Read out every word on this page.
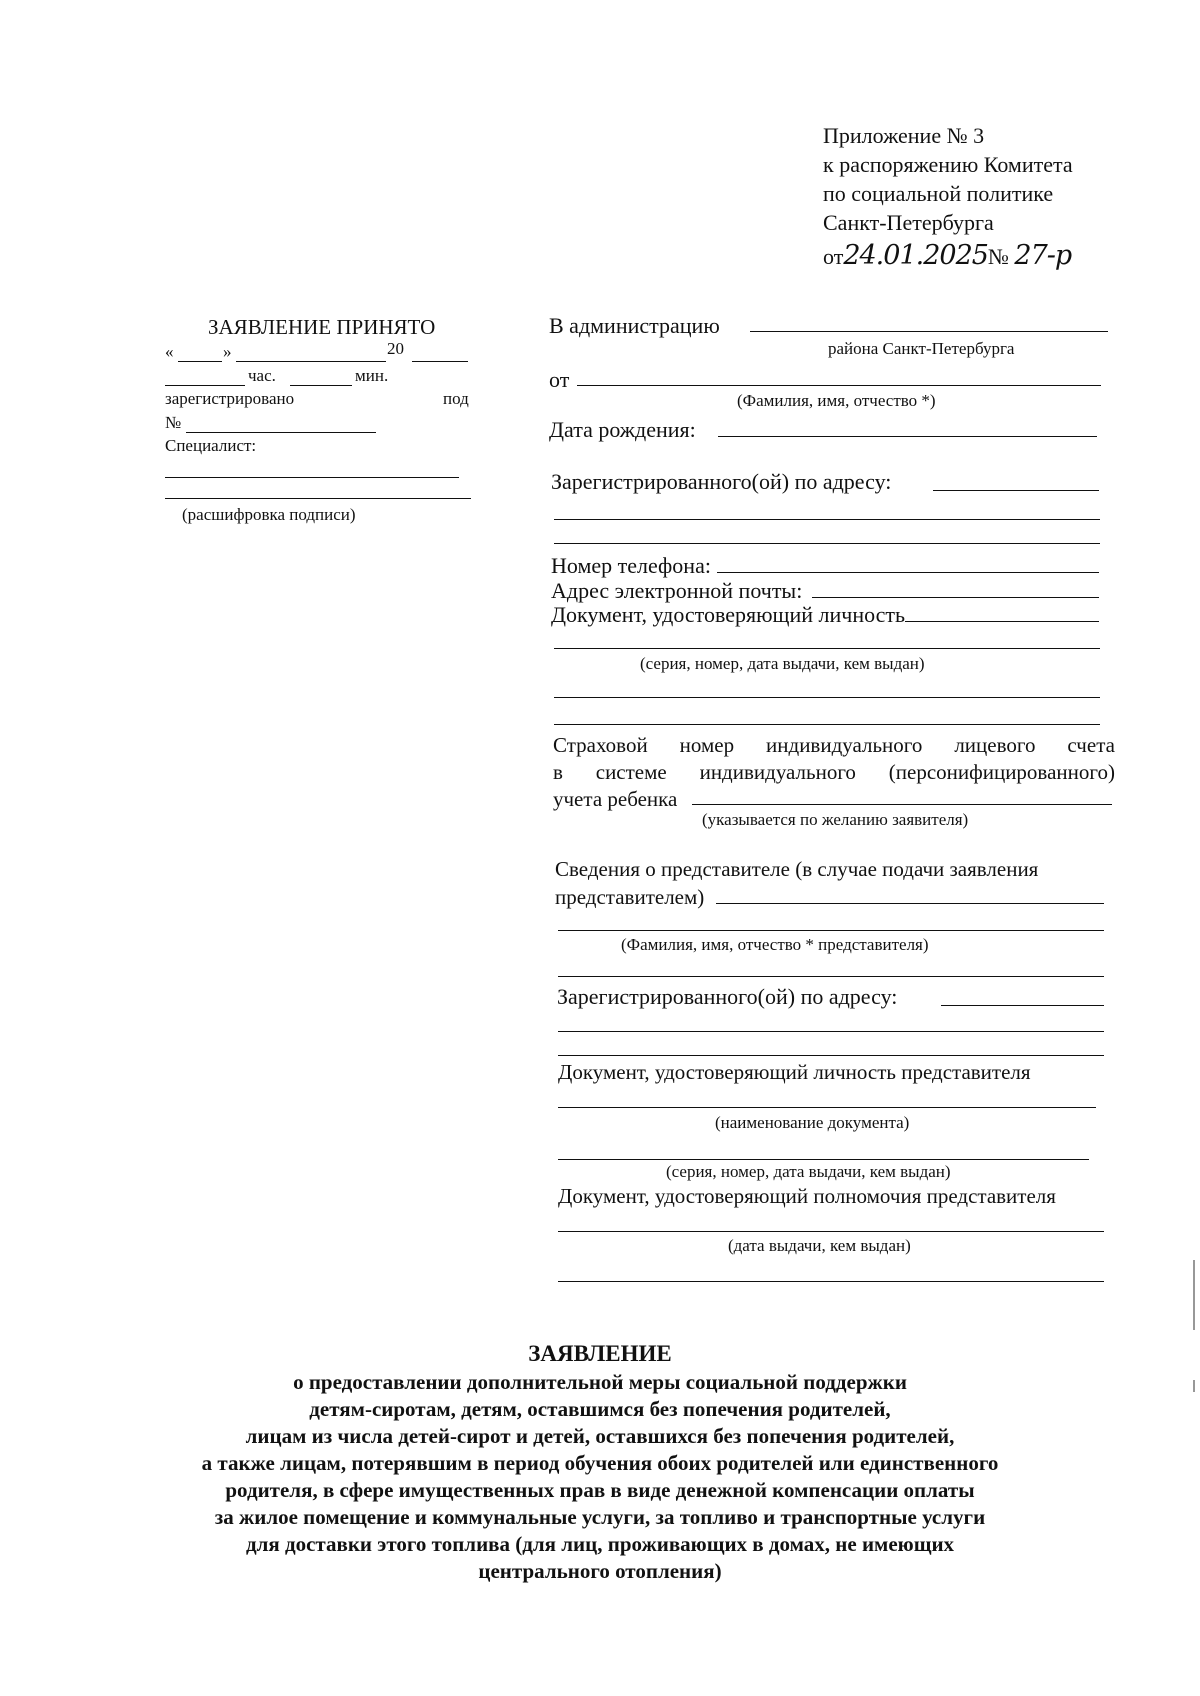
Приложение № 3
к распоряжению Комитета
по социальной политике
Санкт-Петербурга
от24.01.2025№ 27-р
ЗАЯВЛЕНИЕ ПРИНЯТО
«	»	20
час.	мин.
зарегистрировано	под
№
Специалист:
(расшифровка подписи)
В администрацию
района Санкт-Петербурга
от
(Фамилия, имя, отчество *)
Дата рождения:
Зарегистрированного(ой) по адресу:
Номер телефона:
Адрес электронной почты:
Документ, удостоверяющий личность
(серия, номер, дата выдачи, кем выдан)
Страховой номер индивидуального лицевого счета
в системе индивидуального (персонифицированного)
учета ребенка
(указывается по желанию заявителя)
Сведения о представителе (в случае подачи заявления
представителем)
(Фамилия, имя, отчество * представителя)
Зарегистрированного(ой) по адресу:
Документ, удостоверяющий личность представителя
(наименование документа)
(серия, номер, дата выдачи, кем выдан)
Документ, удостоверяющий полномочия представителя
(дата выдачи, кем выдан)
ЗАЯВЛЕНИЕ
о предоставлении дополнительной меры социальной поддержки
детям-сиротам, детям, оставшимся без попечения родителей,
лицам из числа детей-сирот и детей, оставшихся без попечения родителей,
а также лицам, потерявшим в период обучения обоих родителей или единственного
родителя, в сфере имущественных прав в виде денежной компенсации оплаты
за жилое помещение и коммунальные услуги, за топливо и транспортные услуги
для доставки этого топлива (для лиц, проживающих в домах, не имеющих
центрального отопления)
